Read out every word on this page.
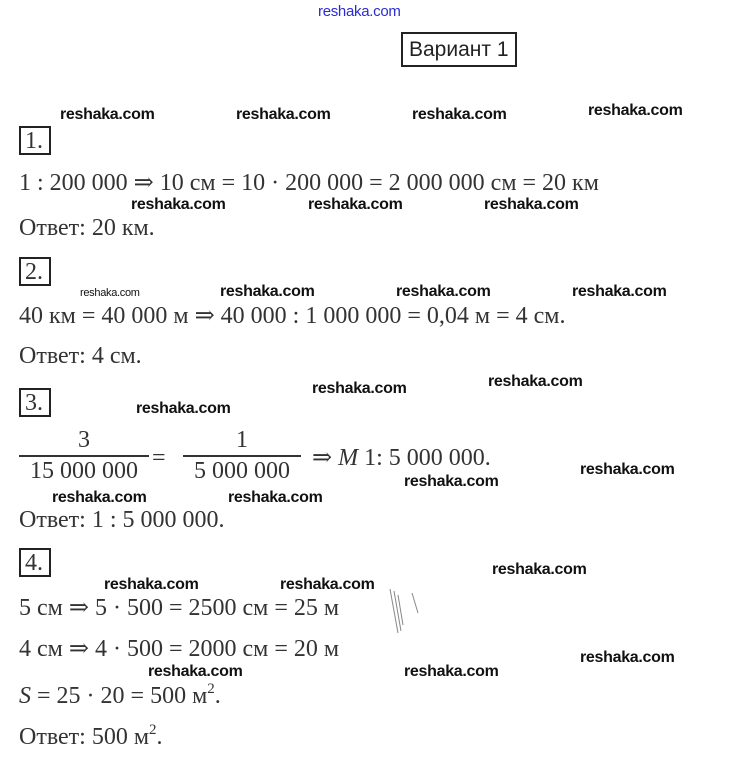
reshaka.com
Вариант 1
1.
1 : 200 000 ⇒ 10 см = 10 · 200 000 = 2 000 000 см = 20 км
Ответ: 20 км.
2.
40 км = 40 000 м ⇒ 40 000 : 1 000 000 = 0,04 м = 4 см.
Ответ: 4 см.
3.
$\frac{3}{15 000 000} = \frac{1}{5 000 000}$ ⇒ M 1: 5 000 000.
Ответ: 1 : 5 000 000.
4.
5 см ⇒ 5 · 500 = 2500 см = 25 м
4 см ⇒ 4 · 500 = 2000 см = 20 м
S = 25 · 20 = 500 $м^2$.
Ответ: 500 $м^2$.
reshaka.com	reshaka.com	reshaka.com	reshaka.com
reshaka.com	reshaka.com	reshaka.com
reshaka.com	reshaka.com	reshaka.com	reshaka.com
reshaka.com	reshaka.com
reshaka.com
reshaka.com
reshaka.com
reshaka.com	reshaka.com
reshaka.com
reshaka.com	reshaka.com
reshaka.com
reshaka.com	reshaka.com
